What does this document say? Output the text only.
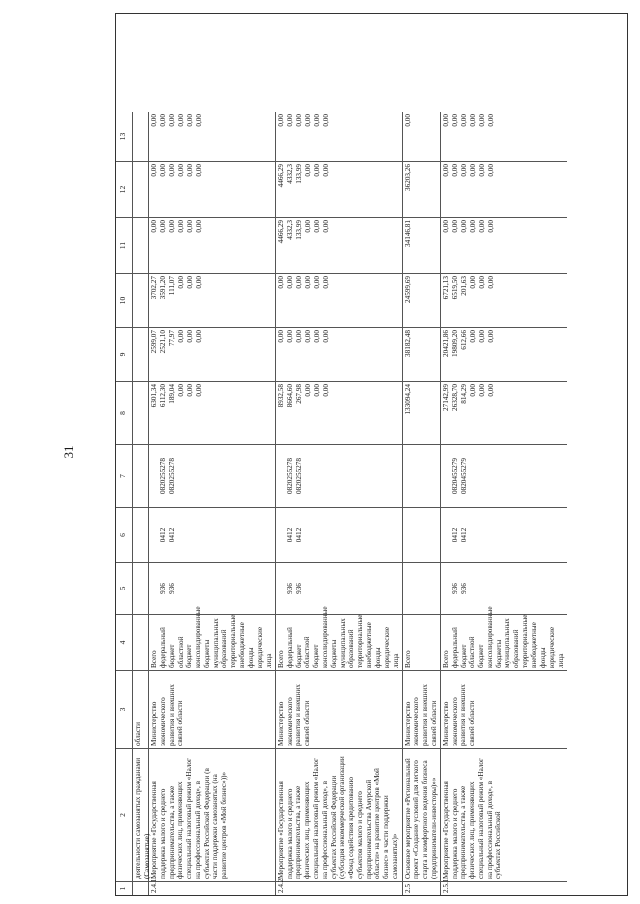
1
2
3
4
5
6
7
8
9
10
11
12
13
деятельности самозанятых гражданами (Самозанятые)
области
2.4.1.
Мероприятие «Государственная поддержка малого и среднего предпринимательства, а также физических лиц, применяющих специальный налоговый режим «Налог на профессиональный доход», в субъектах Российской Федерации (в части поддержки самозанятых (на развитие центров «Мой бизнес»))»
Министерство экономического развития и внешних связей области
Всего федеральный бюджет областной бюджет консолидированные бюджеты муниципальных образований территориальные внебюджетные фонды юридические лица
936 936
0412 0412
0820255278 0820255278
6301,34 6112,30 189,04 0,00 0,00 0,00
2599,07 2521,10 77,97 0,00 0,00 0,00
3702,27 3591,20 111,07 0,00 0,00 0,00
0,00 0,00 0,00 0,00 0,00 0,00
0,00 0,00 0,00 0,00 0,00 0,00
0,00 0,00 0,00 0,00 0,00 0,00
2.4.2
Мероприятие «Государственная поддержка малого и среднего предпринимательства, а также физических лиц, применяющих специальный налоговый режим «Налог на профессиональный доход», в субъектах Российской Федерации (субсидия некоммерческой организации «Фонд содействия кредитованию субъектов малого и среднего предпринимательства Амурской области» на развитие центров «Мой бизнес» в части поддержки самозанятых)»
Министерство экономического развития и внешних связей области
Всего федеральный бюджет областной бюджет консолидированные бюджеты муниципальных образований территориальные внебюджетные фонды юридические лица
936 936
0412 0412
0820255278 0820255278
8932,58 8664,60 267,98 0,00 0,00 0,00
0,00 0,00 0,00 0,00 0,00 0,00
0,00 0,00 0,00 0,00 0,00 0,00
4466,29 4332,3 133,99 0,00 0,00 0,00
4466,29 4332,3 133,99 0,00 0,00 0,00
0,00 0,00 0,00 0,00 0,00 0,00
2.5
Основное мероприятие «Региональный проект «Создание условий для легкого старта и комфортного ведения бизнеса (предприниматели-инвесторы)»»
Министерство экономического развития и внешних связей области
Всего
133094,24
38182,48
24599,69
34146,81
36203,26
0,00
2.5.1
Мероприятие «Государственная поддержка малого и среднего предпринимательства, а также физических лиц, применяющих специальный налоговый режим «Налог на профессиональный доход», в субъектах Российской
Министерство экономического развития и внешних связей области
Всего федеральный бюджет областной бюджет консолидированные бюджеты муниципальных образований территориальные внебюджетные фонды юридические лица
936 936
0412 0412
0820455279 0820455279
27142,99 26328,70 814,29 0,00 0,00 0,00
20421,86 19809,20 612,66 0,00 0,00 0,00
6721,13 6519,50 201,63 0,00 0,00 0,00
0,00 0,00 0,00 0,00 0,00 0,00
0,00 0,00 0,00 0,00 0,00 0,00
0,00 0,00 0,00 0,00 0,00 0,00
31
